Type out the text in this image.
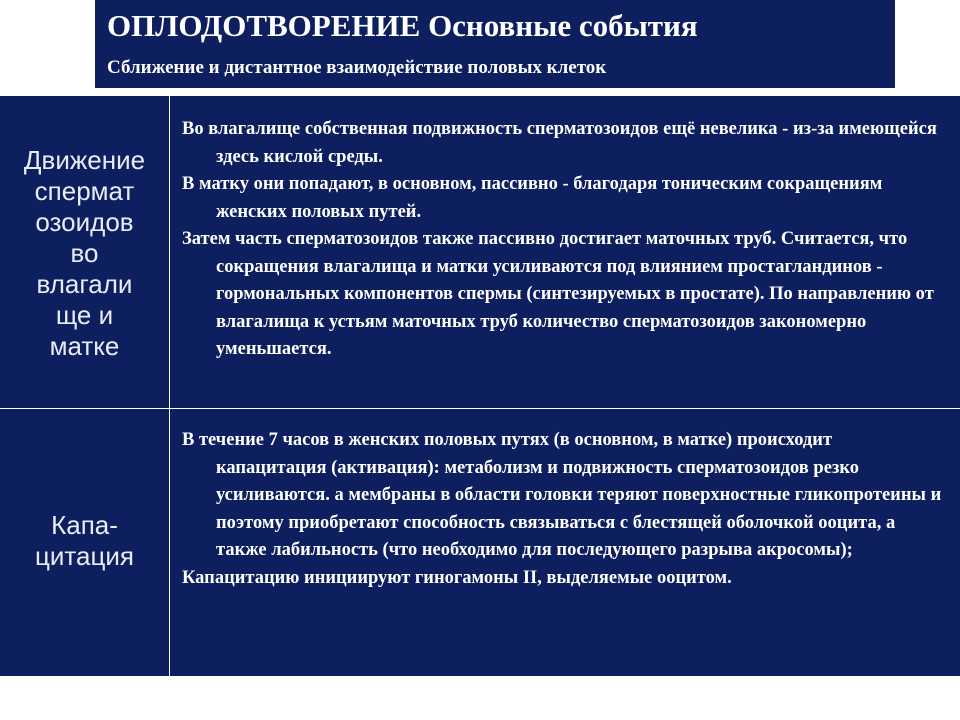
ОПЛОДОТВОРЕНИЕ Основные события
Сближение и дистантное взаимодействие половых клеток
Движение
спермат
озоидов
во
влагали
ще и
матке

Во влагалище собственная подвижность сперматозоидов ещё невелика - из-за имеющейся здесь кислой среды.

В матку они попадают, в основном, пассивно - благодаря тоническим сокращениям женских половых путей.

Затем часть сперматозоидов также пассивно достигает маточных труб. Считается, что сокращения влагалища и матки усиливаются под влиянием простагландинов - гормональных компонентов спермы (синтезируемых в простате). По направлению от влагалища к устьям маточных труб количество сперматозоидов закономерно уменьшается.

Капа-
цитация

В течение 7 часов в женских половых путях (в основном, в матке) происходит капацитация (активация): метаболизм и подвижность сперматозоидов резко усиливаются. а мембраны в области головки теряют поверхностные гликопротеины и поэтому приобретают способность связываться с блестящей оболочкой ооцита, а также лабильность (что необходимо для последующего разрыва акросомы);

Капацитацию инициируют гиногамоны II, выделяемые ооцитом.
